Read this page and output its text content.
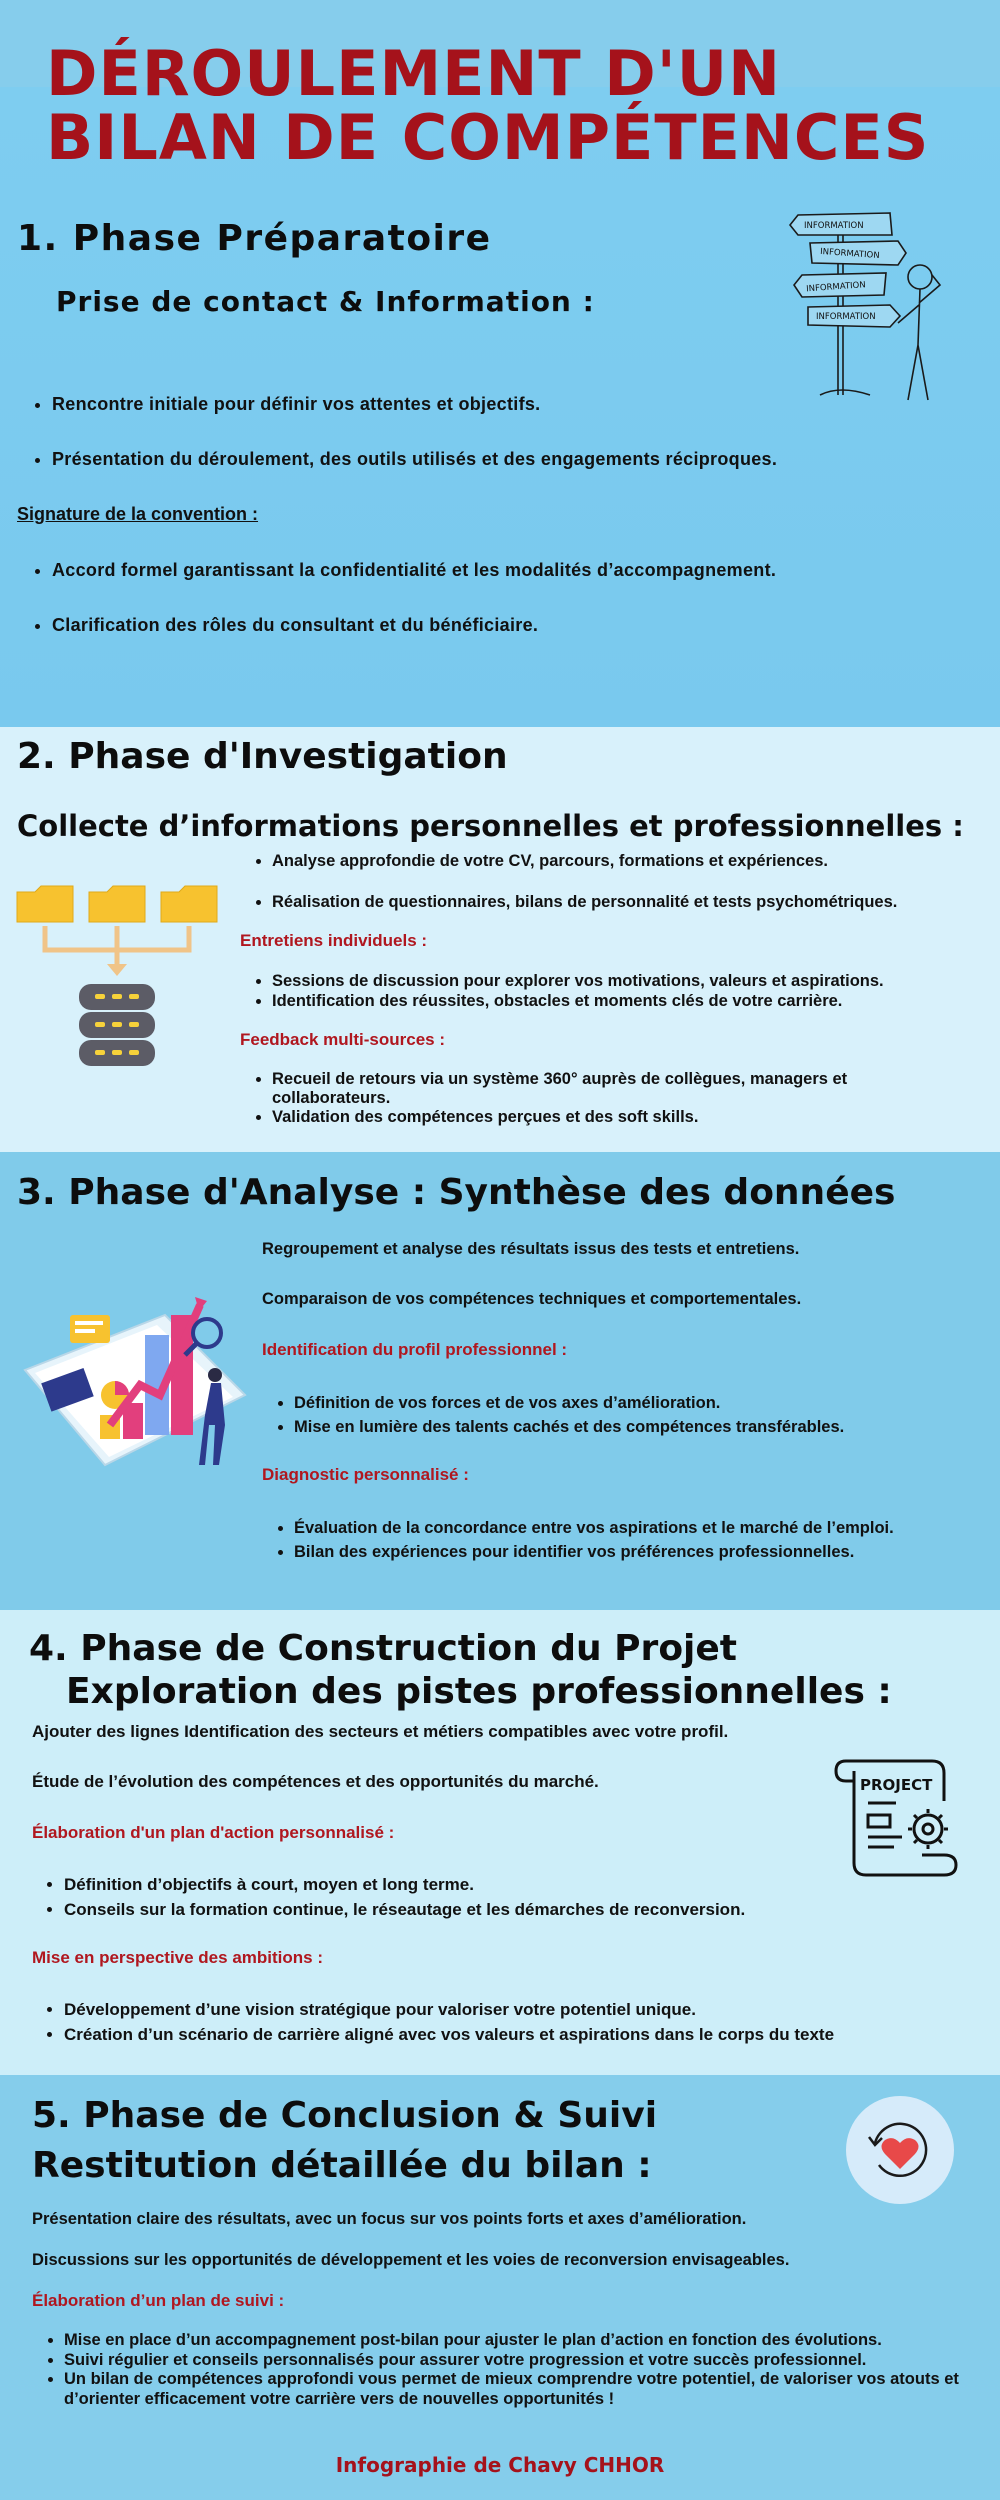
DÉROULEMENT D'UN BILAN DE COMPÉTENCES
1. Phase Préparatoire
Prise de contact & Information :
INFORMATION
INFORMATION
INFORMATION
INFORMATION
• Rencontre initiale pour définir vos attentes et objectifs.
• Présentation du déroulement, des outils utilisés et des engagements réciproques.
Signature de la convention :
• Accord formel garantissant la confidentialité et les modalités d’accompagnement.
• Clarification des rôles du consultant et du bénéficiaire.
2. Phase d'Investigation
Collecte d’informations personnelles et professionnelles :
• Analyse approfondie de votre CV, parcours, formations et expériences.
• Réalisation de questionnaires, bilans de personnalité et tests psychométriques.
Entretiens individuels :
• Sessions de discussion pour explorer vos motivations, valeurs et aspirations.
• Identification des réussites, obstacles et moments clés de votre carrière.
Feedback multi-sources :
• Recueil de retours via un système 360° auprès de collègues, managers et collaborateurs.
• Validation des compétences perçues et des soft skills.
3. Phase d'Analyse : Synthèse des données
Regroupement et analyse des résultats issus des tests et entretiens.
Comparaison de vos compétences techniques et comportementales.
Identification du profil professionnel :
• Définition de vos forces et de vos axes d’amélioration.
• Mise en lumière des talents cachés et des compétences transférables.
Diagnostic personnalisé :
• Évaluation de la concordance entre vos aspirations et le marché de l’emploi.
• Bilan des expériences pour identifier vos préférences professionnelles.
4. Phase de Construction du Projet
Exploration des pistes professionnelles :
Ajouter des lignes Identification des secteurs et métiers compatibles avec votre profil.
Étude de l’évolution des compétences et des opportunités du marché.
Élaboration d'un plan d'action personnalisé :
PROJECT
• Définition d’objectifs à court, moyen et long terme.
• Conseils sur la formation continue, le réseautage et les démarches de reconversion.
Mise en perspective des ambitions :
• Développement d’une vision stratégique pour valoriser votre potentiel unique.
• Création d’un scénario de carrière aligné avec vos valeurs et aspirations dans le corps du texte
5. Phase de Conclusion & Suivi
Restitution détaillée du bilan :
Présentation claire des résultats, avec un focus sur vos points forts et axes d’amélioration.
Discussions sur les opportunités de développement et les voies de reconversion envisageables.
Élaboration d’un plan de suivi :
• Mise en place d’un accompagnement post-bilan pour ajuster le plan d’action en fonction des évolutions.
• Suivi régulier et conseils personnalisés pour assurer votre progression et votre succès professionnel.
• Un bilan de compétences approfondi vous permet de mieux comprendre votre potentiel, de valoriser vos atouts et d’orienter efficacement votre carrière vers de nouvelles opportunités !
Infographie de Chavy CHHOR
